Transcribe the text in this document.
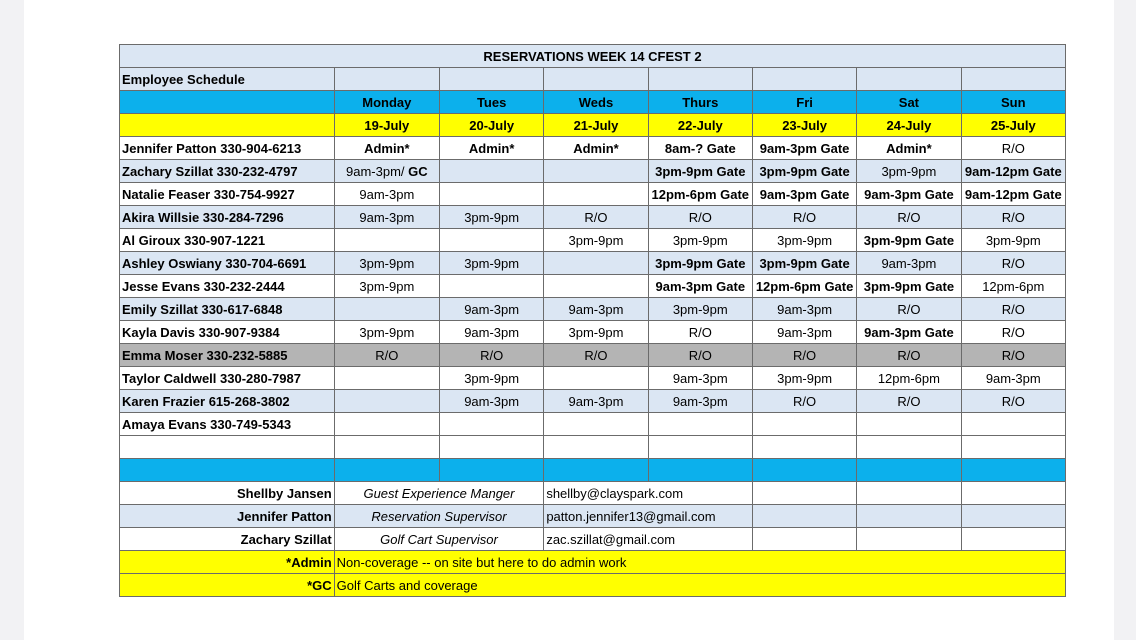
RESERVATIONS WEEK 14 CFEST 2							
Employee Schedule							
	Monday	Tues	Weds	Thurs	Fri	Sat	Sun
	19-July	20-July	21-July	22-July	23-July	24-July	25-July
Jennifer Patton 330-904-6213	Admin*	Admin*	Admin*	8am-? Gate	9am-3pm Gate	Admin*	R/O
Zachary Szillat 330-232-4797	9am-3pm/ GC			3pm-9pm Gate	3pm-9pm Gate	3pm-9pm	9am-12pm Gate
Natalie Feaser 330-754-9927	9am-3pm			12pm-6pm Gate	9am-3pm Gate	9am-3pm Gate	9am-12pm Gate
Akira Willsie 330-284-7296	9am-3pm	3pm-9pm	R/O	R/O	R/O	R/O	R/O
Al Giroux 330-907-1221			3pm-9pm	3pm-9pm	3pm-9pm	3pm-9pm Gate	3pm-9pm
Ashley Oswiany 330-704-6691	3pm-9pm	3pm-9pm		3pm-9pm Gate	3pm-9pm Gate	9am-3pm	R/O
Jesse Evans 330-232-2444	3pm-9pm			9am-3pm Gate	12pm-6pm Gate	3pm-9pm Gate	12pm-6pm
Emily Szillat 330-617-6848		9am-3pm	9am-3pm	3pm-9pm	9am-3pm	R/O	R/O
Kayla Davis 330-907-9384	3pm-9pm	9am-3pm	3pm-9pm	R/O	9am-3pm	9am-3pm Gate	R/O
Emma Moser 330-232-5885	R/O	R/O	R/O	R/O	R/O	R/O	R/O
Taylor Caldwell 330-280-7987		3pm-9pm		9am-3pm	3pm-9pm	12pm-6pm	9am-3pm
Karen Frazier 615-268-3802		9am-3pm	9am-3pm	9am-3pm	R/O	R/O	R/O
Amaya Evans 330-749-5343							

Shellby Jansen	Guest Experience Manger		shellby@clayspark.com				
Jennifer Patton	Reservation Supervisor		patton.jennifer13@gmail.com				
Zachary Szillat	Golf Cart Supervisor		zac.szillat@gmail.com				
*Admin	Non-coverage -- on site but here to do admin work						
*GC	Golf Carts and coverage						
